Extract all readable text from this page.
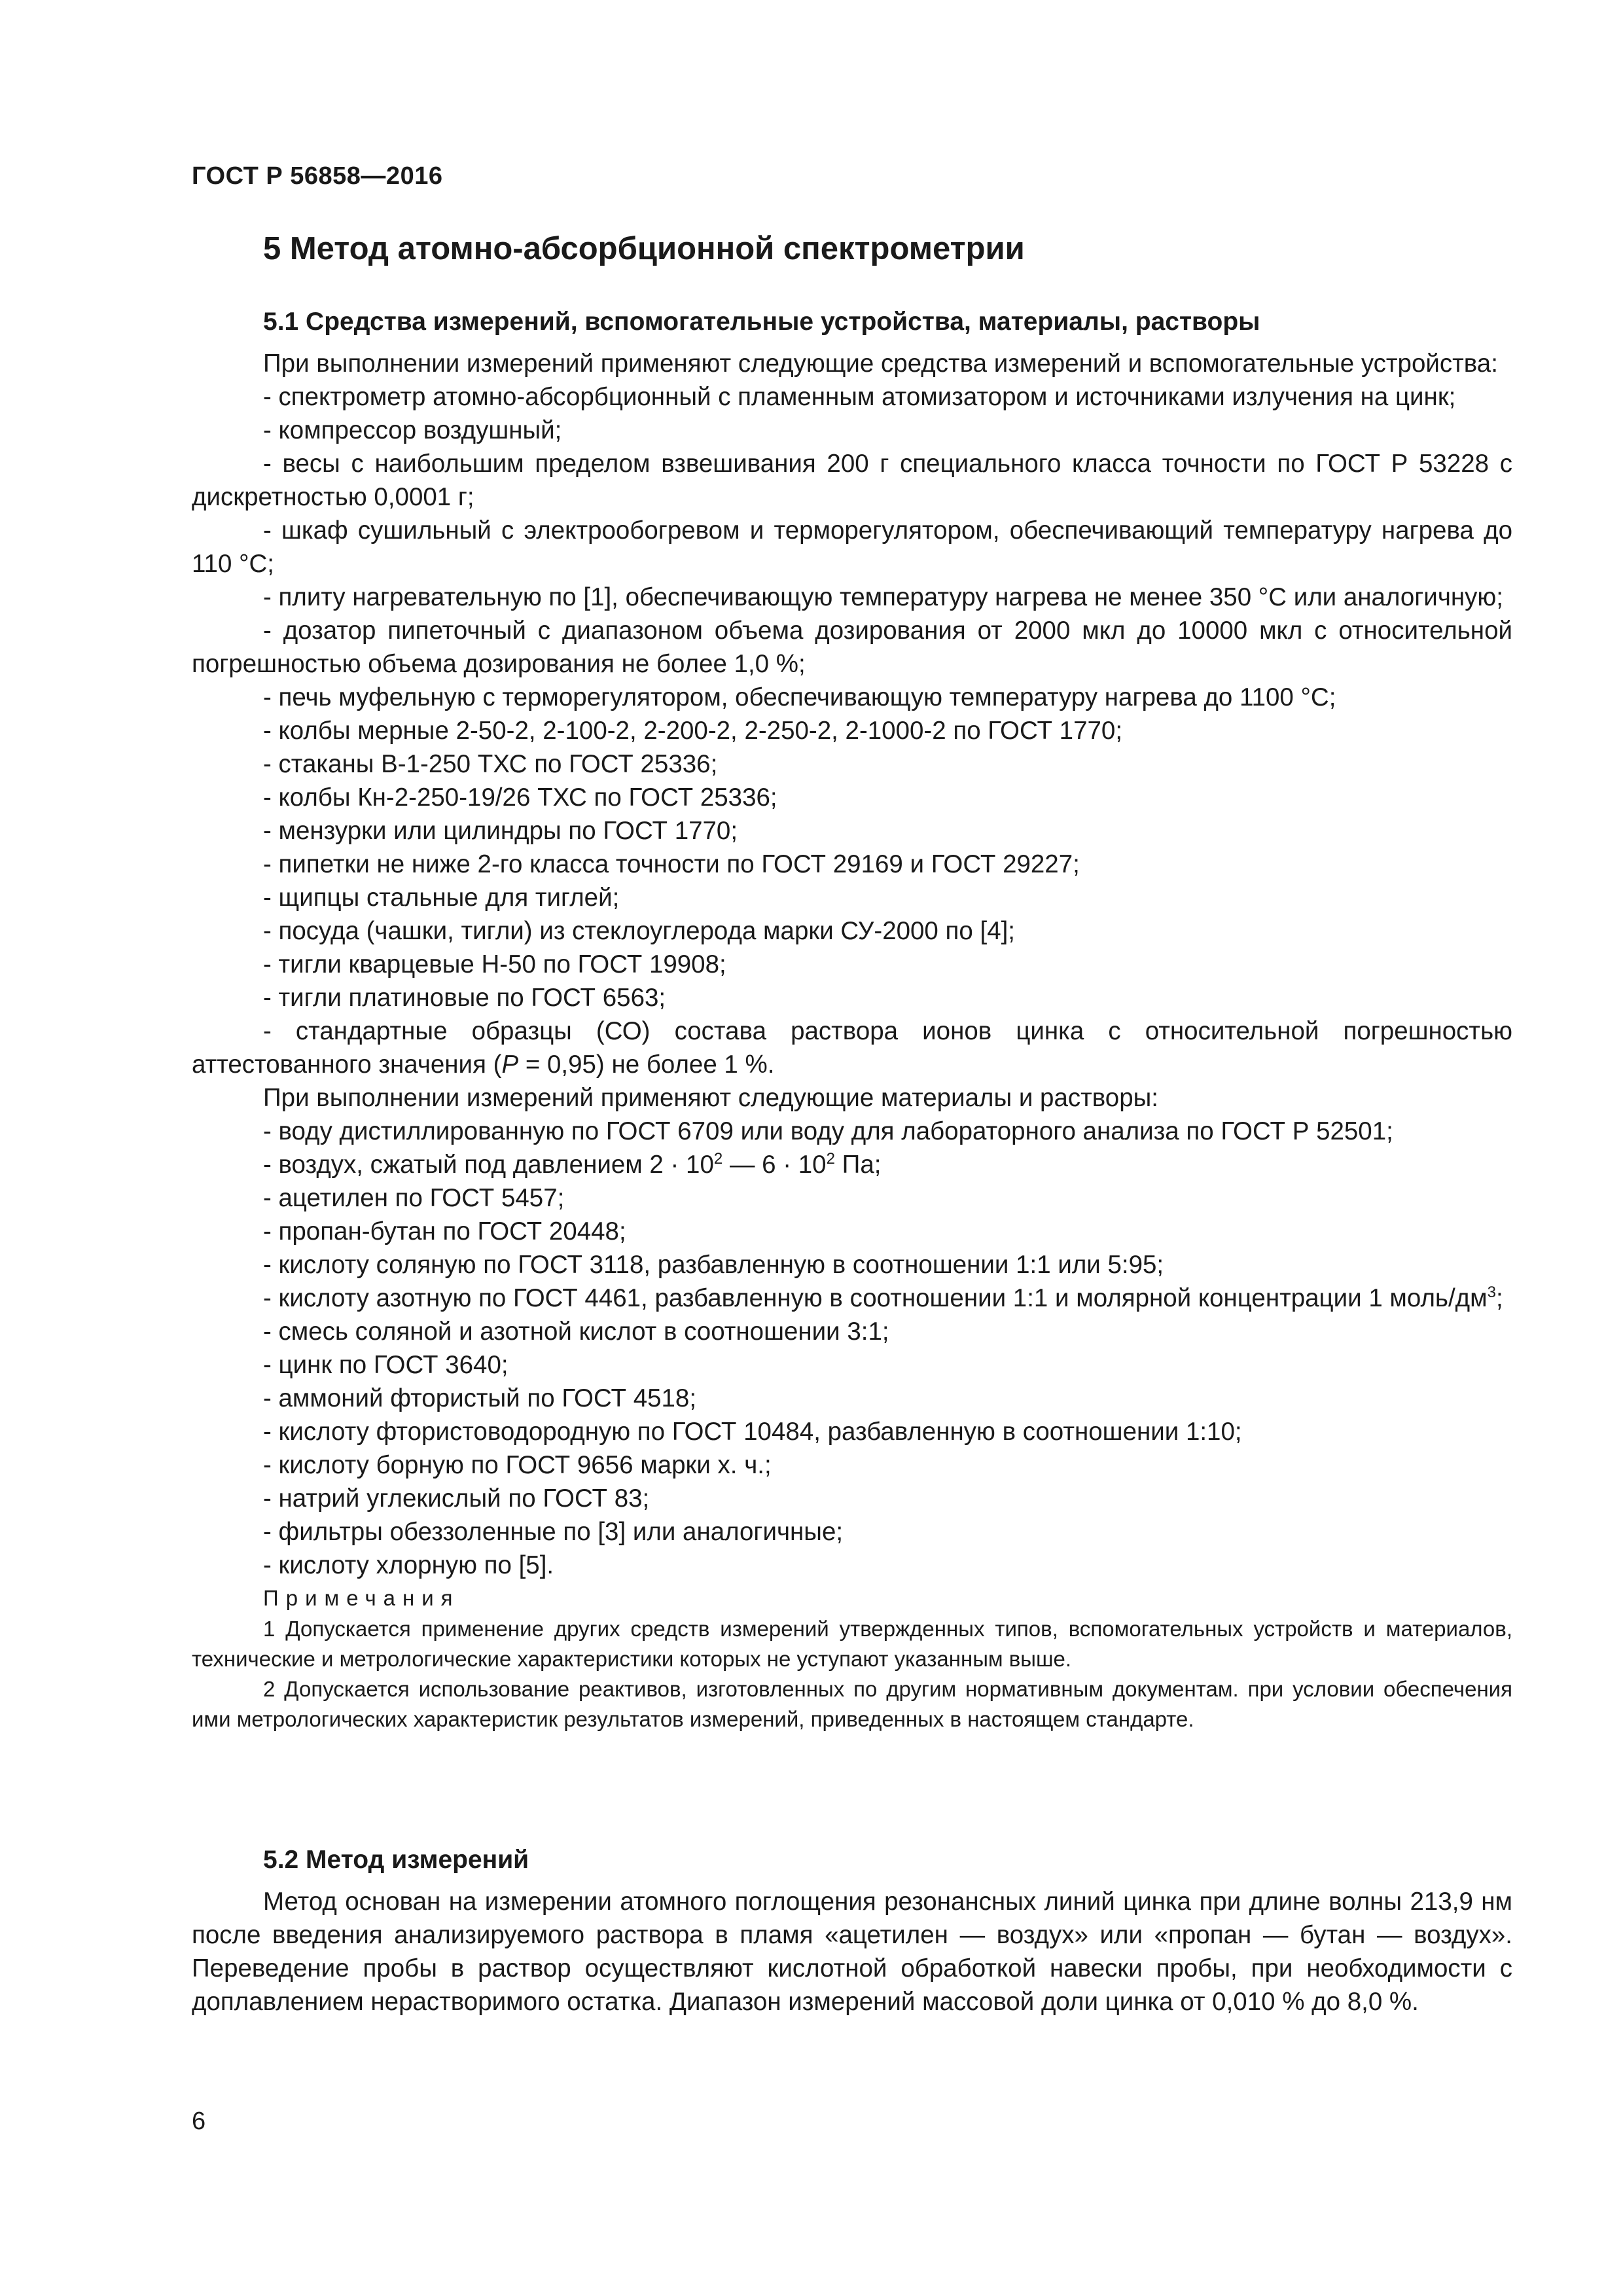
ГОСТ Р 56858—2016
5 Метод атомно-абсорбционной спектрометрии
5.1 Средства измерений, вспомогательные устройства, материалы, растворы

При выполнении измерений применяют следующие средства измерений и вспомогательные устройства:

- спектрометр атомно-абсорбционный с пламенным атомизатором и источниками излучения на цинк;

- компрессор воздушный;

- весы с наибольшим пределом взвешивания 200 г специального класса точности по ГОСТ Р 53228 с дискретностью 0,0001 г;

- шкаф сушильный с электрообогревом и терморегулятором, обеспечивающий температуру нагрева до 110 °С;

- плиту нагревательную по [1], обеспечивающую температуру нагрева не менее 350 °С или аналогичную;

- дозатор пипеточный с диапазоном объема дозирования от 2000 мкл до 10000 мкл с относительной погрешностью объема дозирования не более 1,0 %;

- печь муфельную с терморегулятором, обеспечивающую температуру нагрева до 1100 °С;

- колбы мерные 2-50-2, 2-100-2, 2-200-2, 2-250-2, 2-1000-2 по ГОСТ 1770;

- стаканы В-1-250 ТХС по ГОСТ 25336;

- колбы Кн-2-250-19/26 ТХС по ГОСТ 25336;

- мензурки или цилиндры по ГОСТ 1770;

- пипетки не ниже 2-го класса точности по ГОСТ 29169 и ГОСТ 29227;

- щипцы стальные для тиглей;

- посуда (чашки, тигли) из стеклоуглерода марки СУ-2000 по [4];

- тигли кварцевые Н-50 по ГОСТ 19908;

- тигли платиновые по ГОСТ 6563;

- стандартные образцы (СО) состава раствора ионов цинка с относительной погрешностью аттестованного значения (Р = 0,95) не более 1 %.

При выполнении измерений применяют следующие материалы и растворы:

- воду дистиллированную по ГОСТ 6709 или воду для лабораторного анализа по ГОСТ Р 52501;

- воздух, сжатый под давлением $2 \cdot 10^2$ — $6 \cdot 10^2$ Па;

- ацетилен по ГОСТ 5457;

- пропан-бутан по ГОСТ 20448;

- кислоту соляную по ГОСТ 3118, разбавленную в соотношении 1:1 или 5:95;

- кислоту азотную по ГОСТ 4461, разбавленную в соотношении 1:1 и молярной концентрации 1 моль/$дм^3$;

- смесь соляной и азотной кислот в соотношении 3:1;

- цинк по ГОСТ 3640;

- аммоний фтористый по ГОСТ 4518;

- кислоту фтористоводородную по ГОСТ 10484, разбавленную в соотношении 1:10;

- кислоту борную по ГОСТ 9656 марки х. ч.;

- натрий углекислый по ГОСТ 83;

- фильтры обеззоленные по [3] или аналогичные;

- кислоту хлорную по [5].

Примечания

1 Допускается применение других средств измерений утвержденных типов, вспомогательных устройств и материалов, технические и метрологические характеристики которых не уступают указанным выше.

2 Допускается использование реактивов, изготовленных по другим нормативным документам. при условии обеспечения ими метрологических характеристик результатов измерений, приведенных в настоящем стандарте.

5.2 Метод измерений

Метод основан на измерении атомного поглощения резонансных линий цинка при длине волны 213,9 нм после введения анализируемого раствора в пламя «ацетилен — воздух» или «пропан — бутан — воздух». Переведение пробы в раствор осуществляют кислотной обработкой навески пробы, при необходимости с доплавлением нерастворимого остатка. Диапазон измерений массовой доли цинка от 0,010 % до 8,0 %.

6
